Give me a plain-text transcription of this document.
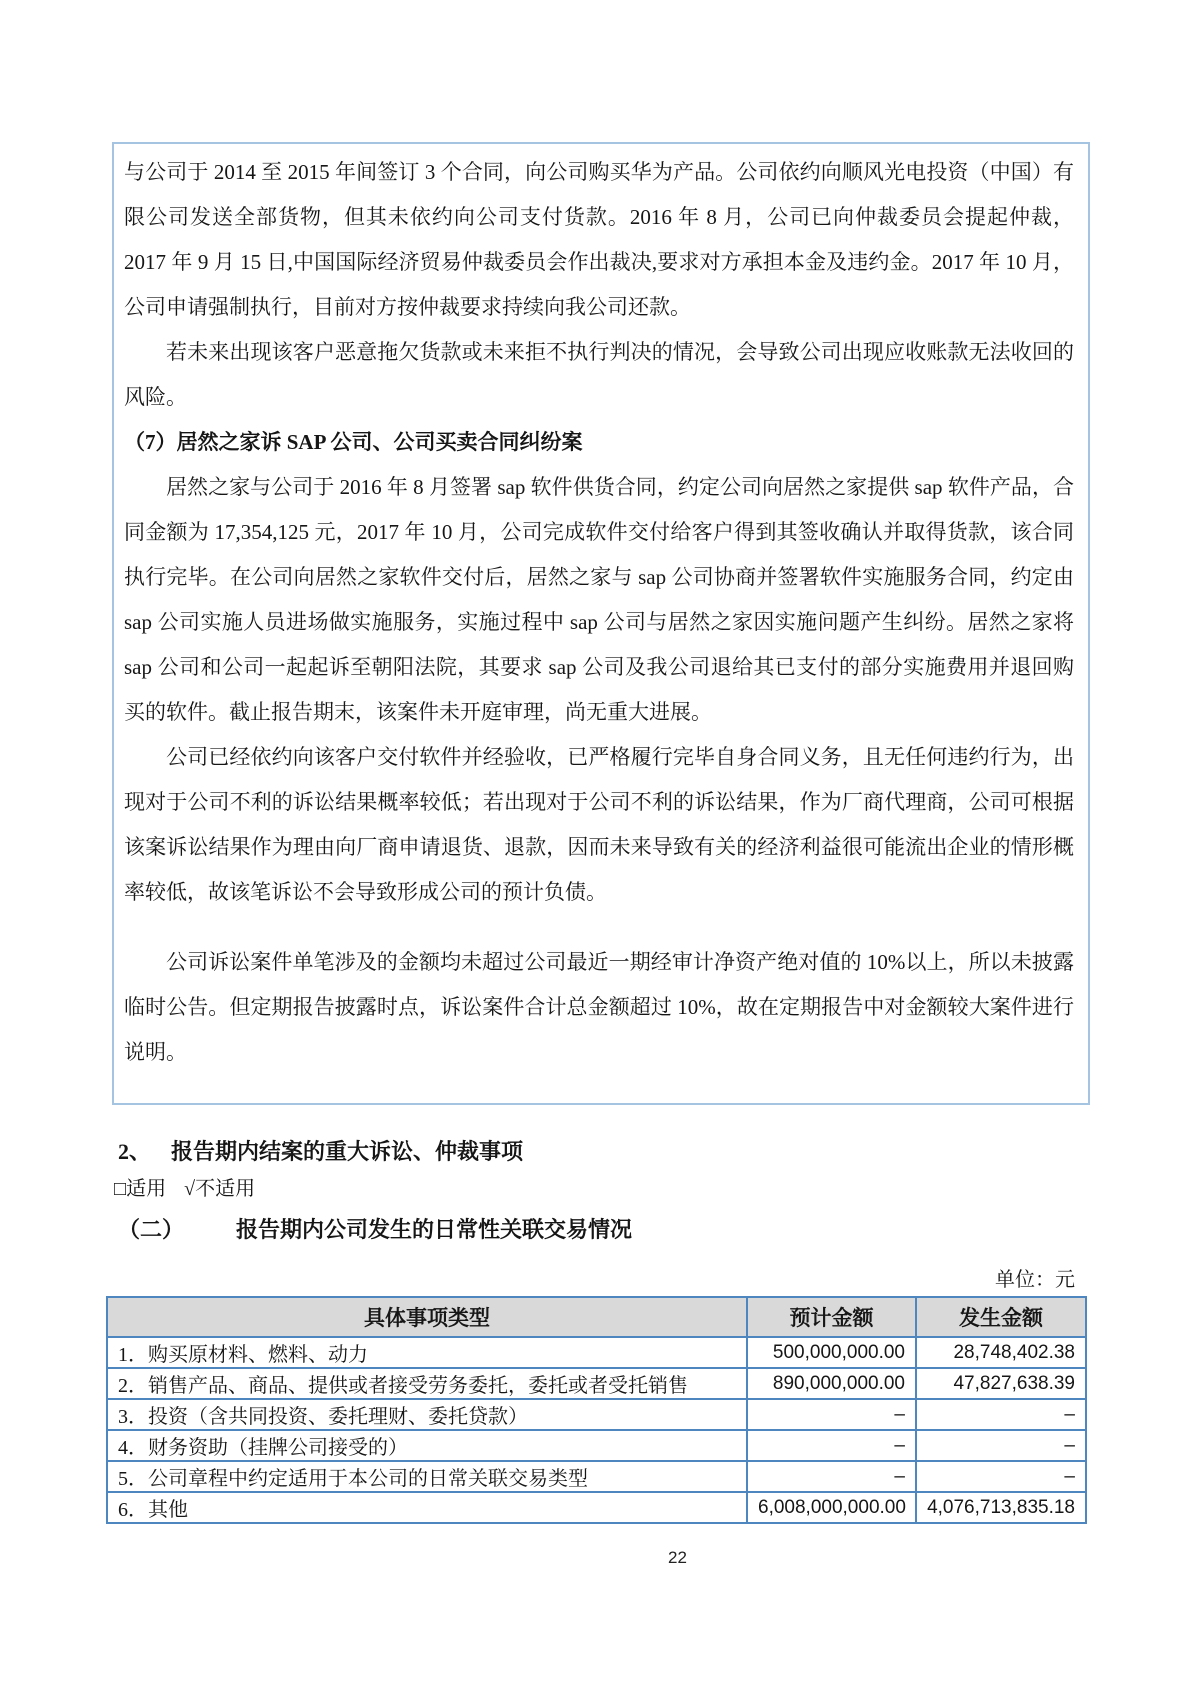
与公司于 2014 至 2015 年间签订 3 个合同，向公司购买华为产品。公司依约向顺风光电投资（中国）有限公司发送全部货物，但其未依约向公司支付货款。2016 年 8 月，公司已向仲裁委员会提起仲裁，2017 年 9 月 15 日,中国国际经济贸易仲裁委员会作出裁决,要求对方承担本金及违约金。2017 年 10 月，公司申请强制执行，目前对方按仲裁要求持续向我公司还款。

若未来出现该客户恶意拖欠货款或未来拒不执行判决的情况，会导致公司出现应收账款无法收回的风险。

（7）居然之家诉 SAP 公司、公司买卖合同纠纷案

居然之家与公司于 2016 年 8 月签署 sap 软件供货合同，约定公司向居然之家提供 sap 软件产品，合同金额为 17,354,125 元，2017 年 10 月，公司完成软件交付给客户得到其签收确认并取得货款，该合同执行完毕。在公司向居然之家软件交付后，居然之家与 sap 公司协商并签署软件实施服务合同，约定由 sap 公司实施人员进场做实施服务，实施过程中 sap 公司与居然之家因实施问题产生纠纷。居然之家将 sap 公司和公司一起起诉至朝阳法院，其要求 sap 公司及我公司退给其已支付的部分实施费用并退回购买的软件。截止报告期末，该案件未开庭审理，尚无重大进展。

公司已经依约向该客户交付软件并经验收，已严格履行完毕自身合同义务，且无任何违约行为，出现对于公司不利的诉讼结果概率较低；若出现对于公司不利的诉讼结果，作为厂商代理商，公司可根据该案诉讼结果作为理由向厂商申请退货、退款，因而未来导致有关的经济利益很可能流出企业的情形概率较低，故该笔诉讼不会导致形成公司的预计负债。

公司诉讼案件单笔涉及的金额均未超过公司最近一期经审计净资产绝对值的 10%以上，所以未披露临时公告。但定期报告披露时点，诉讼案件合计总金额超过 10%，故在定期报告中对金额较大案件进行说明。

2、 报告期内结案的重大诉讼、仲裁事项
□适用 √不适用
（二） 报告期内公司发生的日常性关联交易情况
单位：元
具体事项类型	预计金额	发生金额
1．购买原材料、燃料、动力	500,000,000.00	28,748,402.38
2．销售产品、商品、提供或者接受劳务委托，委托或者受托销售	890,000,000.00	47,827,638.39
3．投资（含共同投资、委托理财、委托贷款）	–	–
4．财务资助（挂牌公司接受的）	–	–
5．公司章程中约定适用于本公司的日常关联交易类型	–	–
6．其他	6,008,000,000.00	4,076,713,835.18
22
